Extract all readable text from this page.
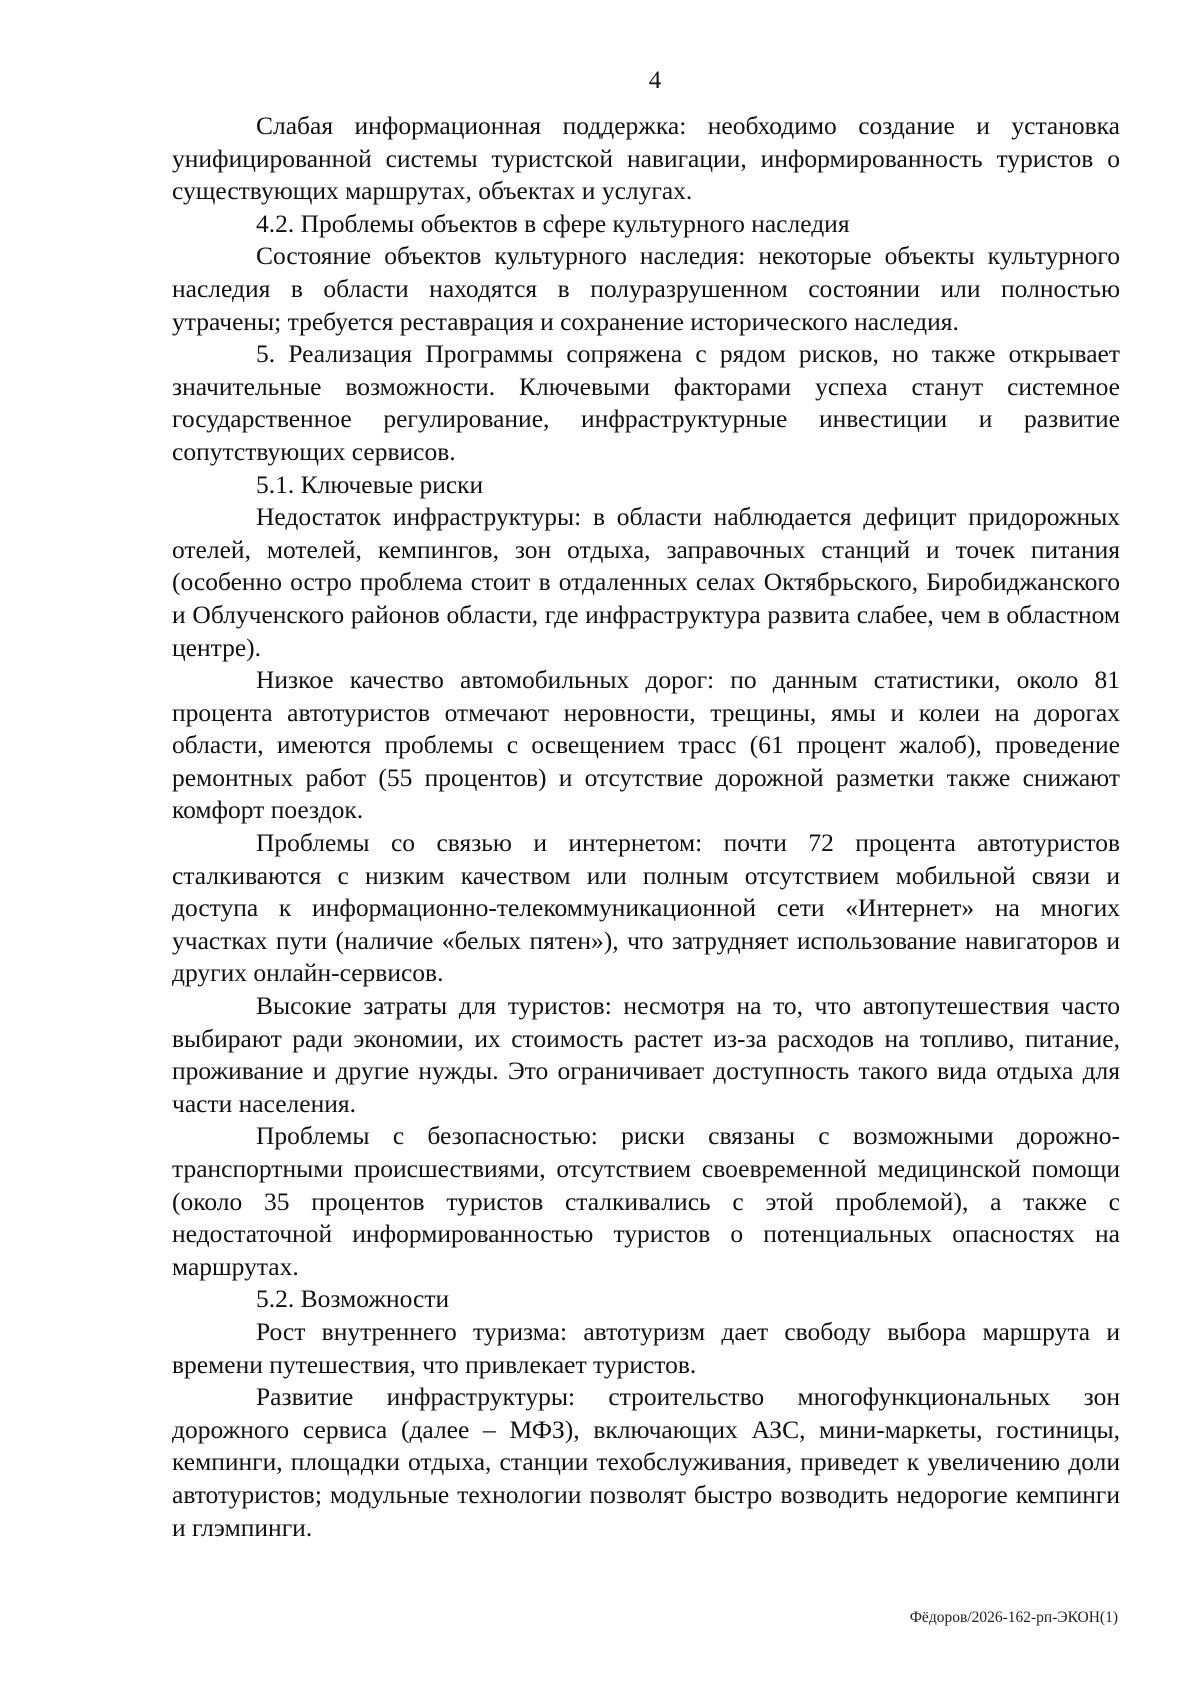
4

Слабая информационная поддержка: необходимо создание и установка унифицированной системы туристской навигации, информированность туристов о существующих маршрутах, объектах и услугах.

4.2. Проблемы объектов в сфере культурного наследия

Состояние объектов культурного наследия: некоторые объекты культурного наследия в области находятся в полуразрушенном состоянии или полностью утрачены; требуется реставрация и сохранение исторического наследия.

5. Реализация Программы сопряжена с рядом рисков, но также открывает значительные возможности. Ключевыми факторами успеха станут системное государственное регулирование, инфраструктурные инвестиции и развитие сопутствующих сервисов.

5.1. Ключевые риски

Недостаток инфраструктуры: в области наблюдается дефицит придорожных отелей, мотелей, кемпингов, зон отдыха, заправочных станций и точек питания (особенно остро проблема стоит в отдаленных селах Октябрьского, Биробиджанского и Облученского районов области, где инфраструктура развита слабее, чем в областном центре).

Низкое качество автомобильных дорог: по данным статистики, около 81 процента автотуристов отмечают неровности, трещины, ямы и колеи на дорогах области, имеются проблемы с освещением трасс (61 процент жалоб), проведение ремонтных работ (55 процентов) и отсутствие дорожной разметки также снижают комфорт поездок.

Проблемы со связью и интернетом: почти 72 процента автотуристов сталкиваются с низким качеством или полным отсутствием мобильной связи и доступа к информационно-телекоммуникационной сети «Интернет» на многих участках пути (наличие «белых пятен»), что затрудняет использование навигаторов и других онлайн-сервисов.

Высокие затраты для туристов: несмотря на то, что автопутешествия часто выбирают ради экономии, их стоимость растет из-за расходов на топливо, питание, проживание и другие нужды. Это ограничивает доступность такого вида отдыха для части населения.

Проблемы с безопасностью: риски связаны с возможными дорожно-транспортными происшествиями, отсутствием своевременной медицинской помощи (около 35 процентов туристов сталкивались с этой проблемой), а также с недостаточной информированностью туристов о потенциальных опасностях на маршрутах.

5.2. Возможности

Рост внутреннего туризма: автотуризм дает свободу выбора маршрута и времени путешествия, что привлекает туристов.

Развитие инфраструктуры: строительство многофункциональных зон дорожного сервиса (далее – МФЗ), включающих АЗС, мини-маркеты, гостиницы, кемпинги, площадки отдыха, станции техобслуживания, приведет к увеличению доли автотуристов; модульные технологии позволят быстро возводить недорогие кемпинги и глэмпинги.

Фёдоров/2026-162-рп-ЭКОН(1)
